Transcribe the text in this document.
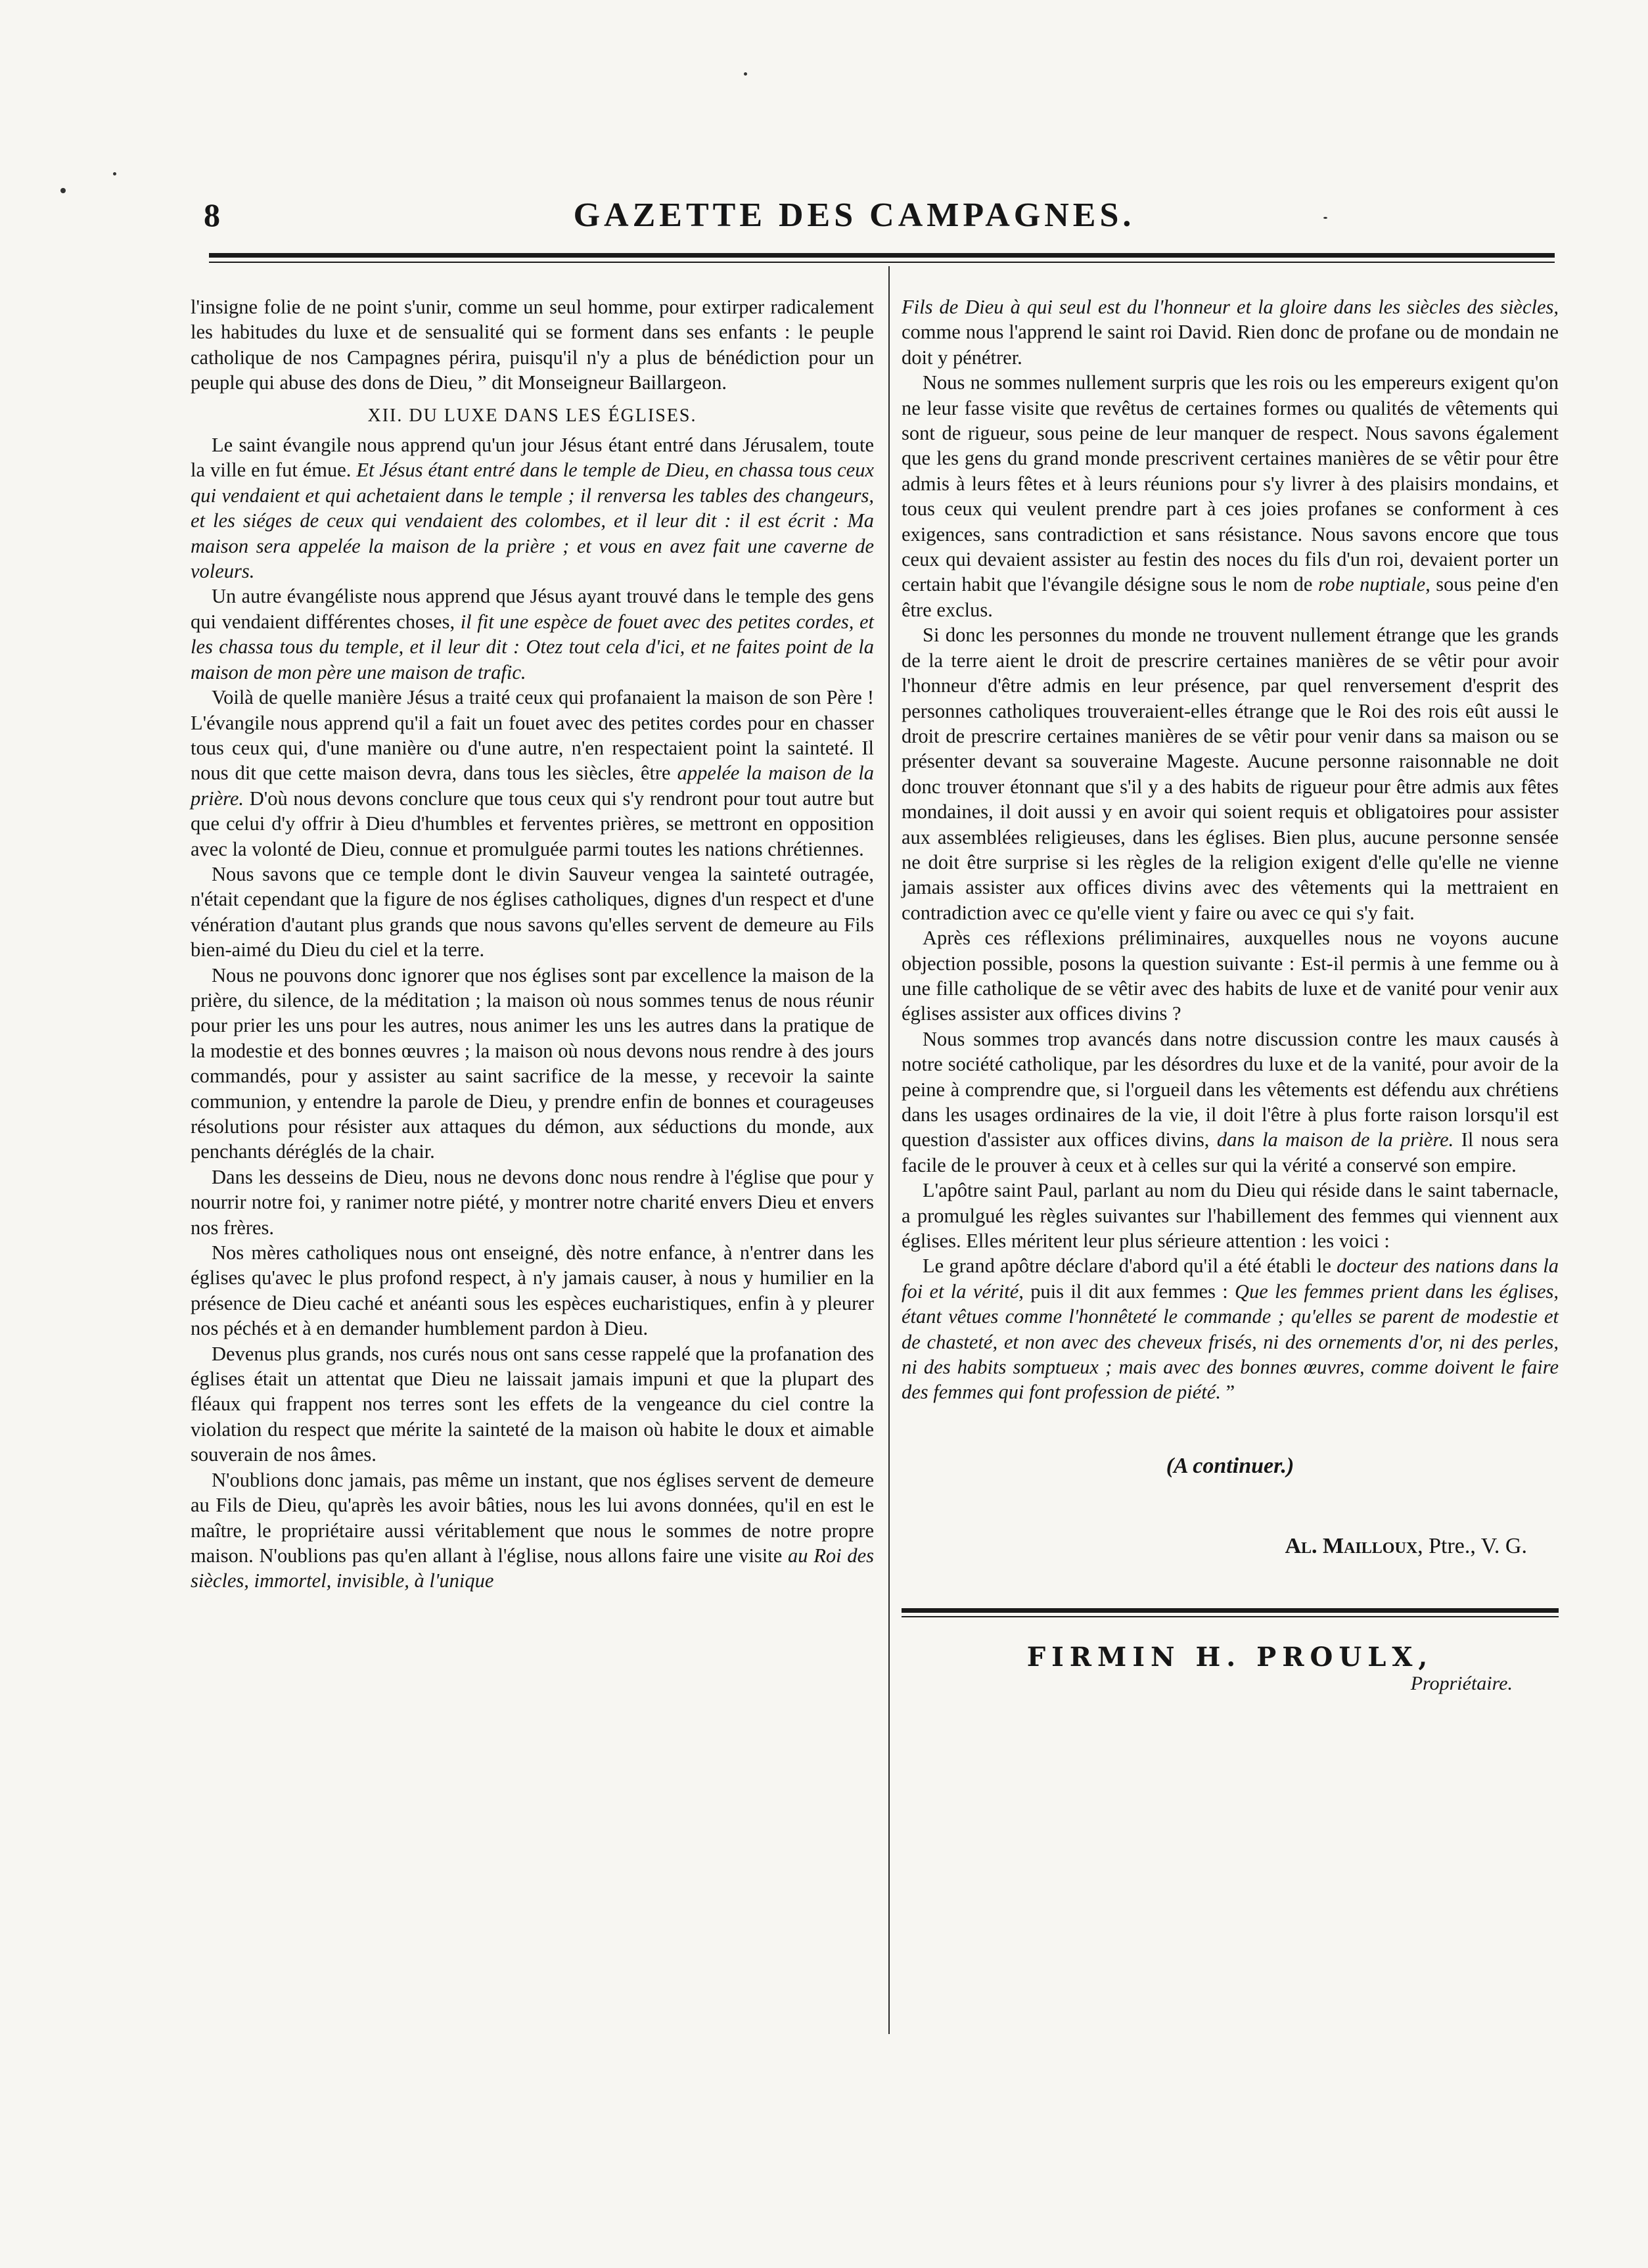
8	GAZETTE DES CAMPAGNES.

l'insigne folie de ne point s'unir, comme un seul homme, pour extirper radicalement les habitudes du luxe et de sensualité qui se forment dans ses enfants : le peuple catholique de nos Campagnes périra, puisqu'il n'y a plus de bénédiction pour un peuple qui abuse des dons de Dieu, ” dit Monseigneur Baillargeon.

XII. DU LUXE DANS LES ÉGLISES.

Le saint évangile nous apprend qu'un jour Jésus étant entré dans Jérusalem, toute la ville en fut émue. Et Jésus étant entré dans le temple de Dieu, en chassa tous ceux qui vendaient et qui achetaient dans le temple ; il renversa les tables des changeurs, et les siéges de ceux qui vendaient des colombes, et il leur dit : il est écrit : Ma maison sera appelée la maison de la prière ; et vous en avez fait une caverne de voleurs.

Un autre évangéliste nous apprend que Jésus ayant trouvé dans le temple des gens qui vendaient différentes choses, il fit une espèce de fouet avec des petites cordes, et les chassa tous du temple, et il leur dit : Otez tout cela d'ici, et ne faites point de la maison de mon père une maison de trafic.

Voilà de quelle manière Jésus a traité ceux qui profanaient la maison de son Père ! L'évangile nous apprend qu'il a fait un fouet avec des petites cordes pour en chasser tous ceux qui, d'une manière ou d'une autre, n'en respectaient point la sainteté. Il nous dit que cette maison devra, dans tous les siècles, être appelée la maison de la prière. D'où nous devons conclure que tous ceux qui s'y rendront pour tout autre but que celui d'y offrir à Dieu d'humbles et ferventes prières, se mettront en opposition avec la volonté de Dieu, connue et promulguée parmi toutes les nations chrétiennes.

Nous savons que ce temple dont le divin Sauveur vengea la sainteté outragée, n'était cependant que la figure de nos églises catholiques, dignes d'un respect et d'une vénération d'autant plus grands que nous savons qu'elles servent de demeure au Fils bien-aimé du Dieu du ciel et la terre.

Nous ne pouvons donc ignorer que nos églises sont par excellence la maison de la prière, du silence, de la méditation ; la maison où nous sommes tenus de nous réunir pour prier les uns pour les autres, nous animer les uns les autres dans la pratique de la modestie et des bonnes œuvres ; la maison où nous devons nous rendre à des jours commandés, pour y assister au saint sacrifice de la messe, y recevoir la sainte communion, y entendre la parole de Dieu, y prendre enfin de bonnes et courageuses résolutions pour résister aux attaques du démon, aux séductions du monde, aux penchants déréglés de la chair.

Dans les desseins de Dieu, nous ne devons donc nous rendre à l'église que pour y nourrir notre foi, y ranimer notre piété, y montrer notre charité envers Dieu et envers nos frères.

Nos mères catholiques nous ont enseigné, dès notre enfance, à n'entrer dans les églises qu'avec le plus profond respect, à n'y jamais causer, à nous y humilier en la présence de Dieu caché et anéanti sous les espèces eucharistiques, enfin à y pleurer nos péchés et à en demander humblement pardon à Dieu.

Devenus plus grands, nos curés nous ont sans cesse rappelé que la profanation des églises était un attentat que Dieu ne laissait jamais impuni et que la plupart des fléaux qui frappent nos terres sont les effets de la vengeance du ciel contre la violation du respect que mérite la sainteté de la maison où habite le doux et aimable souverain de nos âmes.

N'oublions donc jamais, pas même un instant, que nos églises servent de demeure au Fils de Dieu, qu'après les avoir bâties, nous les lui avons données, qu'il en est le maître, le propriétaire aussi véritablement que nous le sommes de notre propre maison. N'oublions pas qu'en allant à l'église, nous allons faire une visite au Roi des siècles, immortel, invisible, à l'unique

Fils de Dieu à qui seul est du l'honneur et la gloire dans les siècles des siècles, comme nous l'apprend le saint roi David. Rien donc de profane ou de mondain ne doit y pénétrer.

Nous ne sommes nullement surpris que les rois ou les empereurs exigent qu'on ne leur fasse visite que revêtus de certaines formes ou qualités de vêtements qui sont de rigueur, sous peine de leur manquer de respect. Nous savons également que les gens du grand monde prescrivent certaines manières de se vêtir pour être admis à leurs fêtes et à leurs réunions pour s'y livrer à des plaisirs mondains, et tous ceux qui veulent prendre part à ces joies profanes se conforment à ces exigences, sans contradiction et sans résistance. Nous savons encore que tous ceux qui devaient assister au festin des noces du fils d'un roi, devaient porter un certain habit que l'évangile désigne sous le nom de robe nuptiale, sous peine d'en être exclus.

Si donc les personnes du monde ne trouvent nullement étrange que les grands de la terre aient le droit de prescrire certaines manières de se vêtir pour avoir l'honneur d'être admis en leur présence, par quel renversement d'esprit des personnes catholiques trouveraient-elles étrange que le Roi des rois eût aussi le droit de prescrire certaines manières de se vêtir pour venir dans sa maison ou se présenter devant sa souveraine Mageste. Aucune personne raisonnable ne doit donc trouver étonnant que s'il y a des habits de rigueur pour être admis aux fêtes mondaines, il doit aussi y en avoir qui soient requis et obligatoires pour assister aux assemblées religieuses, dans les églises. Bien plus, aucune personne sensée ne doit être surprise si les règles de la religion exigent d'elle qu'elle ne vienne jamais assister aux offices divins avec des vêtements qui la mettraient en contradiction avec ce qu'elle vient y faire ou avec ce qui s'y fait.

Après ces réflexions préliminaires, auxquelles nous ne voyons aucune objection possible, posons la question suivante : Est-il permis à une femme ou à une fille catholique de se vêtir avec des habits de luxe et de vanité pour venir aux églises assister aux offices divins ?

Nous sommes trop avancés dans notre discussion contre les maux causés à notre société catholique, par les désordres du luxe et de la vanité, pour avoir de la peine à comprendre que, si l'orgueil dans les vêtements est défendu aux chrétiens dans les usages ordinaires de la vie, il doit l'être à plus forte raison lorsqu'il est question d'assister aux offices divins, dans la maison de la prière. Il nous sera facile de le prouver à ceux et à celles sur qui la vérité a conservé son empire.

L'apôtre saint Paul, parlant au nom du Dieu qui réside dans le saint tabernacle, a promulgué les règles suivantes sur l'habillement des femmes qui viennent aux églises. Elles méritent leur plus sérieure attention : les voici :

Le grand apôtre déclare d'abord qu'il a été établi le docteur des nations dans la foi et la vérité, puis il dit aux femmes : Que les femmes prient dans les églises, étant vêtues comme l'honnêteté le commande ; qu'elles se parent de modestie et de chasteté, et non avec des cheveux frisés, ni des ornements d'or, ni des perles, ni des habits somptueux ; mais avec des bonnes œuvres, comme doivent le faire des femmes qui font profession de piété. ”

(A continuer.)
Al. Mailloux, Ptre., V. G.
FIRMIN H. PROULX,
Propriétaire.
